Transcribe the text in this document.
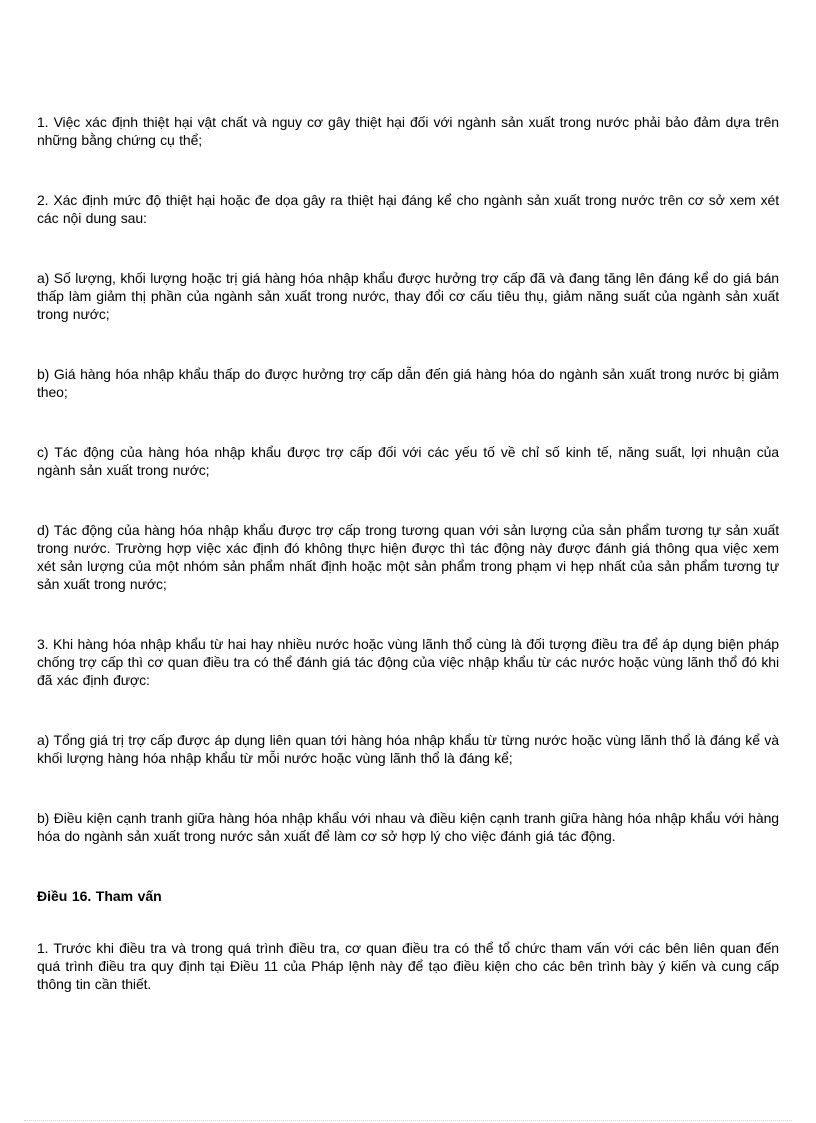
1. Việc xác định thiệt hại vật chất và nguy cơ gây thiệt hại đối với ngành sản xuất trong nước phải bảo đảm dựa trên những bằng chứng cụ thể;

2. Xác định mức độ thiệt hại hoặc đe dọa gây ra thiệt hại đáng kể cho ngành sản xuất trong nước trên cơ sở xem xét các nội dung sau:

a) Số lượng, khối lượng hoặc trị giá hàng hóa nhập khẩu được hưởng trợ cấp đã và đang tăng lên đáng kể do giá bán thấp làm giảm thị phần của ngành sản xuất trong nước, thay đổi cơ cấu tiêu thụ, giảm năng suất của ngành sản xuất trong nước;

b) Giá hàng hóa nhập khẩu thấp do được hưởng trợ cấp dẫn đến giá hàng hóa do ngành sản xuất trong nước bị giảm theo;

c) Tác động của hàng hóa nhập khẩu được trợ cấp đối với các yếu tố về chỉ số kinh tế, năng suất, lợi nhuận của ngành sản xuất trong nước;

d) Tác động của hàng hóa nhập khẩu được trợ cấp trong tương quan với sản lượng của sản phẩm tương tự sản xuất trong nước. Trường hợp việc xác định đó không thực hiện được thì tác động này được đánh giá thông qua việc xem xét sản lượng của một nhóm sản phẩm nhất định hoặc một sản phẩm trong phạm vi hẹp nhất của sản phẩm tương tự sản xuất trong nước;

3. Khi hàng hóa nhập khẩu từ hai hay nhiều nước hoặc vùng lãnh thổ cùng là đối tượng điều tra để áp dụng biện pháp chống trợ cấp thì cơ quan điều tra có thể đánh giá tác động của việc nhập khẩu từ các nước hoặc vùng lãnh thổ đó khi đã xác định được:

a) Tổng giá trị trợ cấp được áp dụng liên quan tới hàng hóa nhập khẩu từ từng nước hoặc vùng lãnh thổ là đáng kể và khối lượng hàng hóa nhập khẩu từ mỗi nước hoặc vùng lãnh thổ là đáng kể;

b) Điều kiện cạnh tranh giữa hàng hóa nhập khẩu với nhau và điều kiện cạnh tranh giữa hàng hóa nhập khẩu với hàng hóa do ngành sản xuất trong nước sản xuất để làm cơ sở hợp lý cho việc đánh giá tác động.

Điều 16. Tham vấn

1. Trước khi điều tra và trong quá trình điều tra, cơ quan điều tra có thể tổ chức tham vấn với các bên liên quan đến quá trình điều tra quy định tại Điều 11 của Pháp lệnh này để tạo điều kiện cho các bên trình bày ý kiến và cung cấp thông tin cần thiết.
